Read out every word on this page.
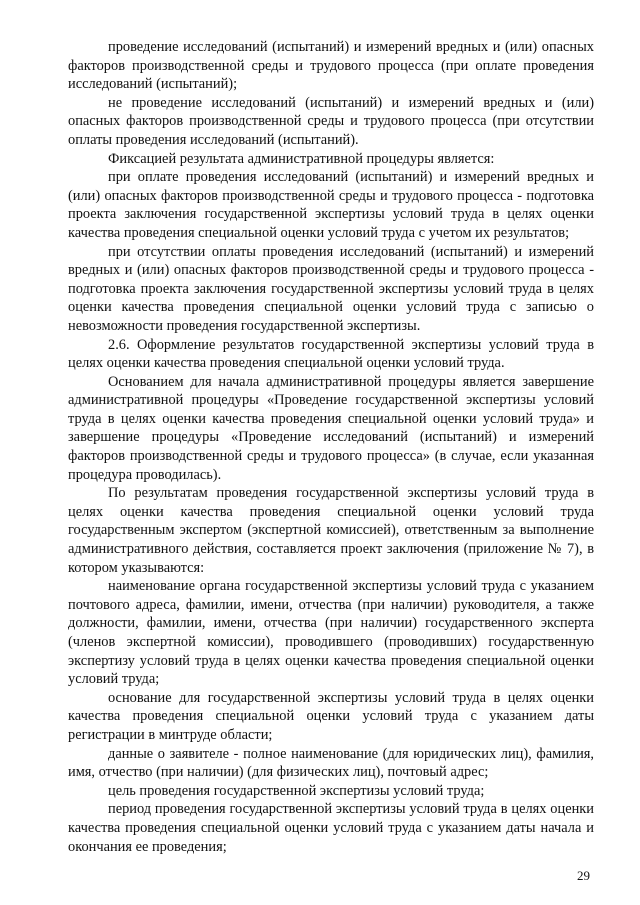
проведение исследований (испытаний) и измерений вредных и (или) опасных факторов производственной среды и трудового процесса (при оплате проведения исследований (испытаний);

не проведение исследований (испытаний) и измерений вредных и (или) опасных факторов производственной среды и трудового процесса (при отсутствии оплаты проведения исследований (испытаний).

Фиксацией результата административной процедуры является:

при оплате проведения исследований (испытаний) и измерений вредных и (или) опасных факторов производственной среды и трудового процесса - подготовка проекта заключения государственной экспертизы условий труда в целях оценки качества проведения специальной оценки условий труда с учетом их результатов;

при отсутствии оплаты проведения исследований (испытаний) и измерений вредных и (или) опасных факторов производственной среды и трудового процесса - подготовка проекта заключения государственной экспертизы условий труда в целях оценки качества проведения специальной оценки условий труда с записью о невозможности проведения государственной экспертизы.

2.6. Оформление результатов государственной экспертизы условий труда в целях оценки качества проведения специальной оценки условий труда.

Основанием для начала административной процедуры является завершение административной процедуры «Проведение государственной экспертизы условий труда в целях оценки качества проведения специальной оценки условий труда» и завершение процедуры «Проведение исследований (испытаний) и измерений факторов производственной среды и трудового процесса» (в случае, если указанная процедура проводилась).

По результатам проведения государственной экспертизы условий труда в целях оценки качества проведения специальной оценки условий труда государственным экспертом (экспертной комиссией), ответственным за выполнение административного действия, составляется проект заключения (приложение № 7), в котором указываются:

наименование органа государственной экспертизы условий труда с указанием почтового адреса, фамилии, имени, отчества (при наличии) руководителя, а также должности, фамилии, имени, отчества (при наличии) государственного эксперта (членов экспертной комиссии), проводившего (проводивших) государственную экспертизу условий труда в целях оценки качества проведения специальной оценки условий труда;

основание для государственной экспертизы условий труда в целях оценки качества проведения специальной оценки условий труда с указанием даты регистрации в минтруде области;

данные о заявителе - полное наименование (для юридических лиц), фамилия, имя, отчество (при наличии) (для физических лиц), почтовый адрес;

цель проведения государственной экспертизы условий труда;

период проведения государственной экспертизы условий труда в целях оценки качества проведения специальной оценки условий труда с указанием даты начала и окончания ее проведения;

29
